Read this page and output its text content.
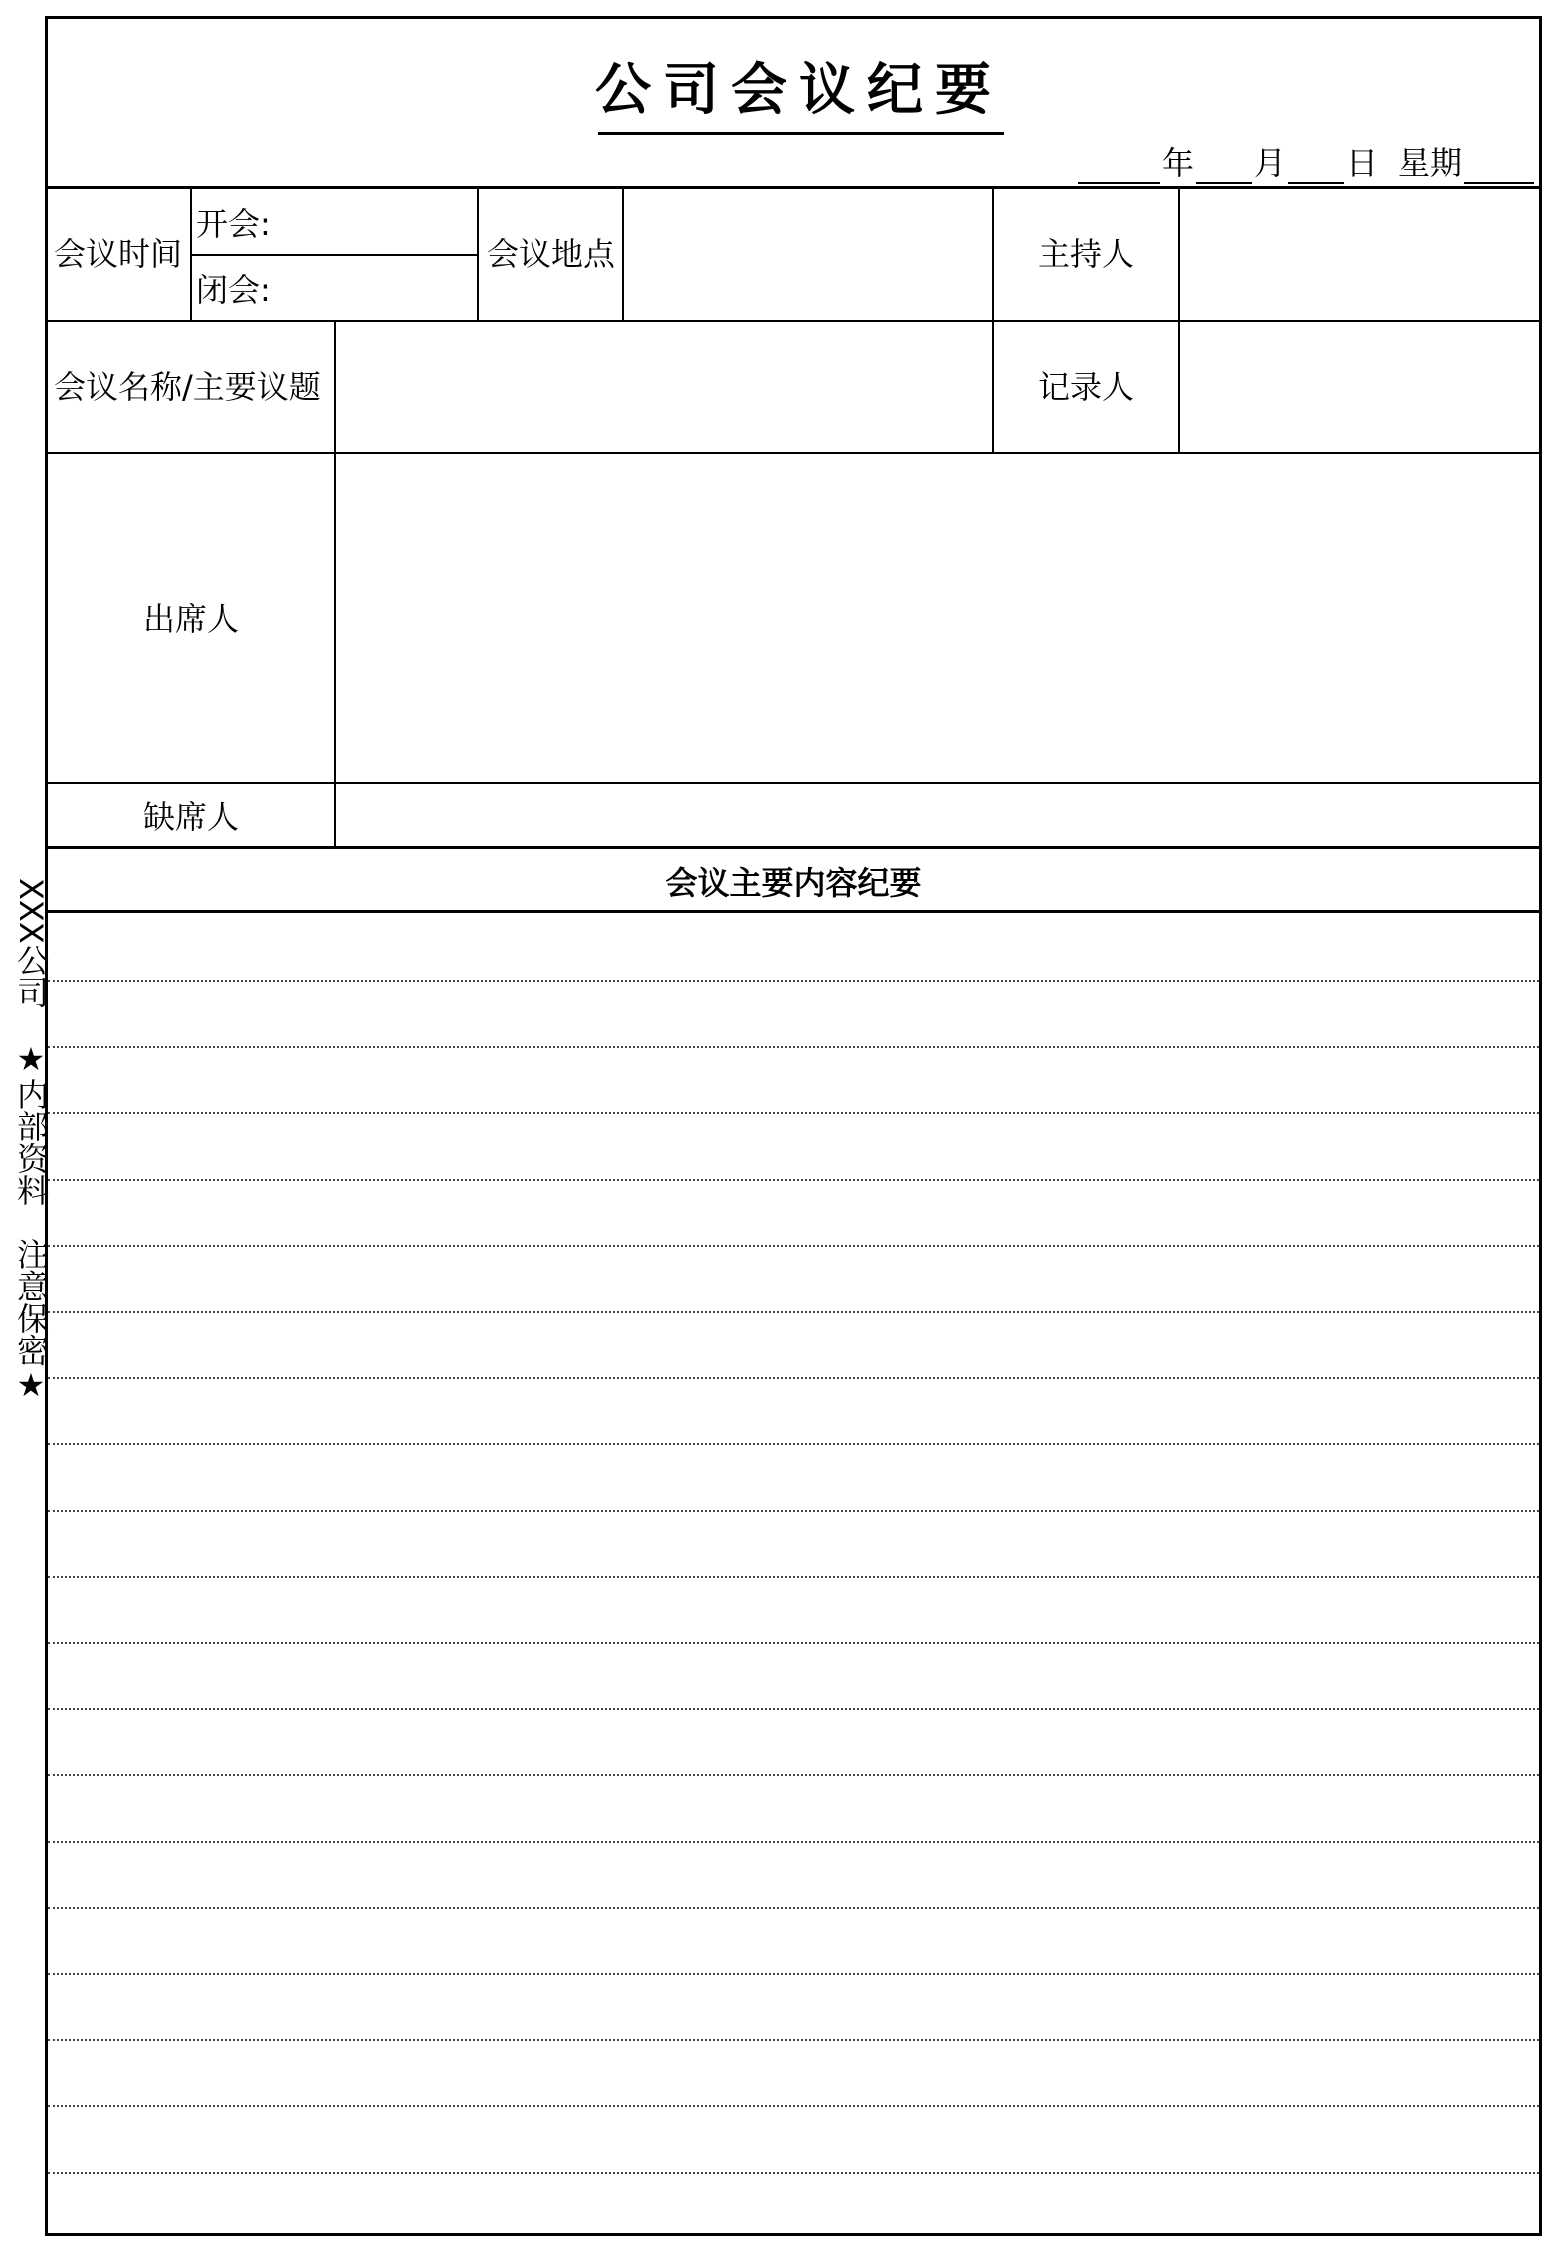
公司会议纪要
年 月 日 星期
会议时间
开会:
闭会:
会议地点	主持人
会议名称/主要议题	记录人
出席人
缺席人
会议主要内容纪要
XXX公司　★内部资料　注意保密★
